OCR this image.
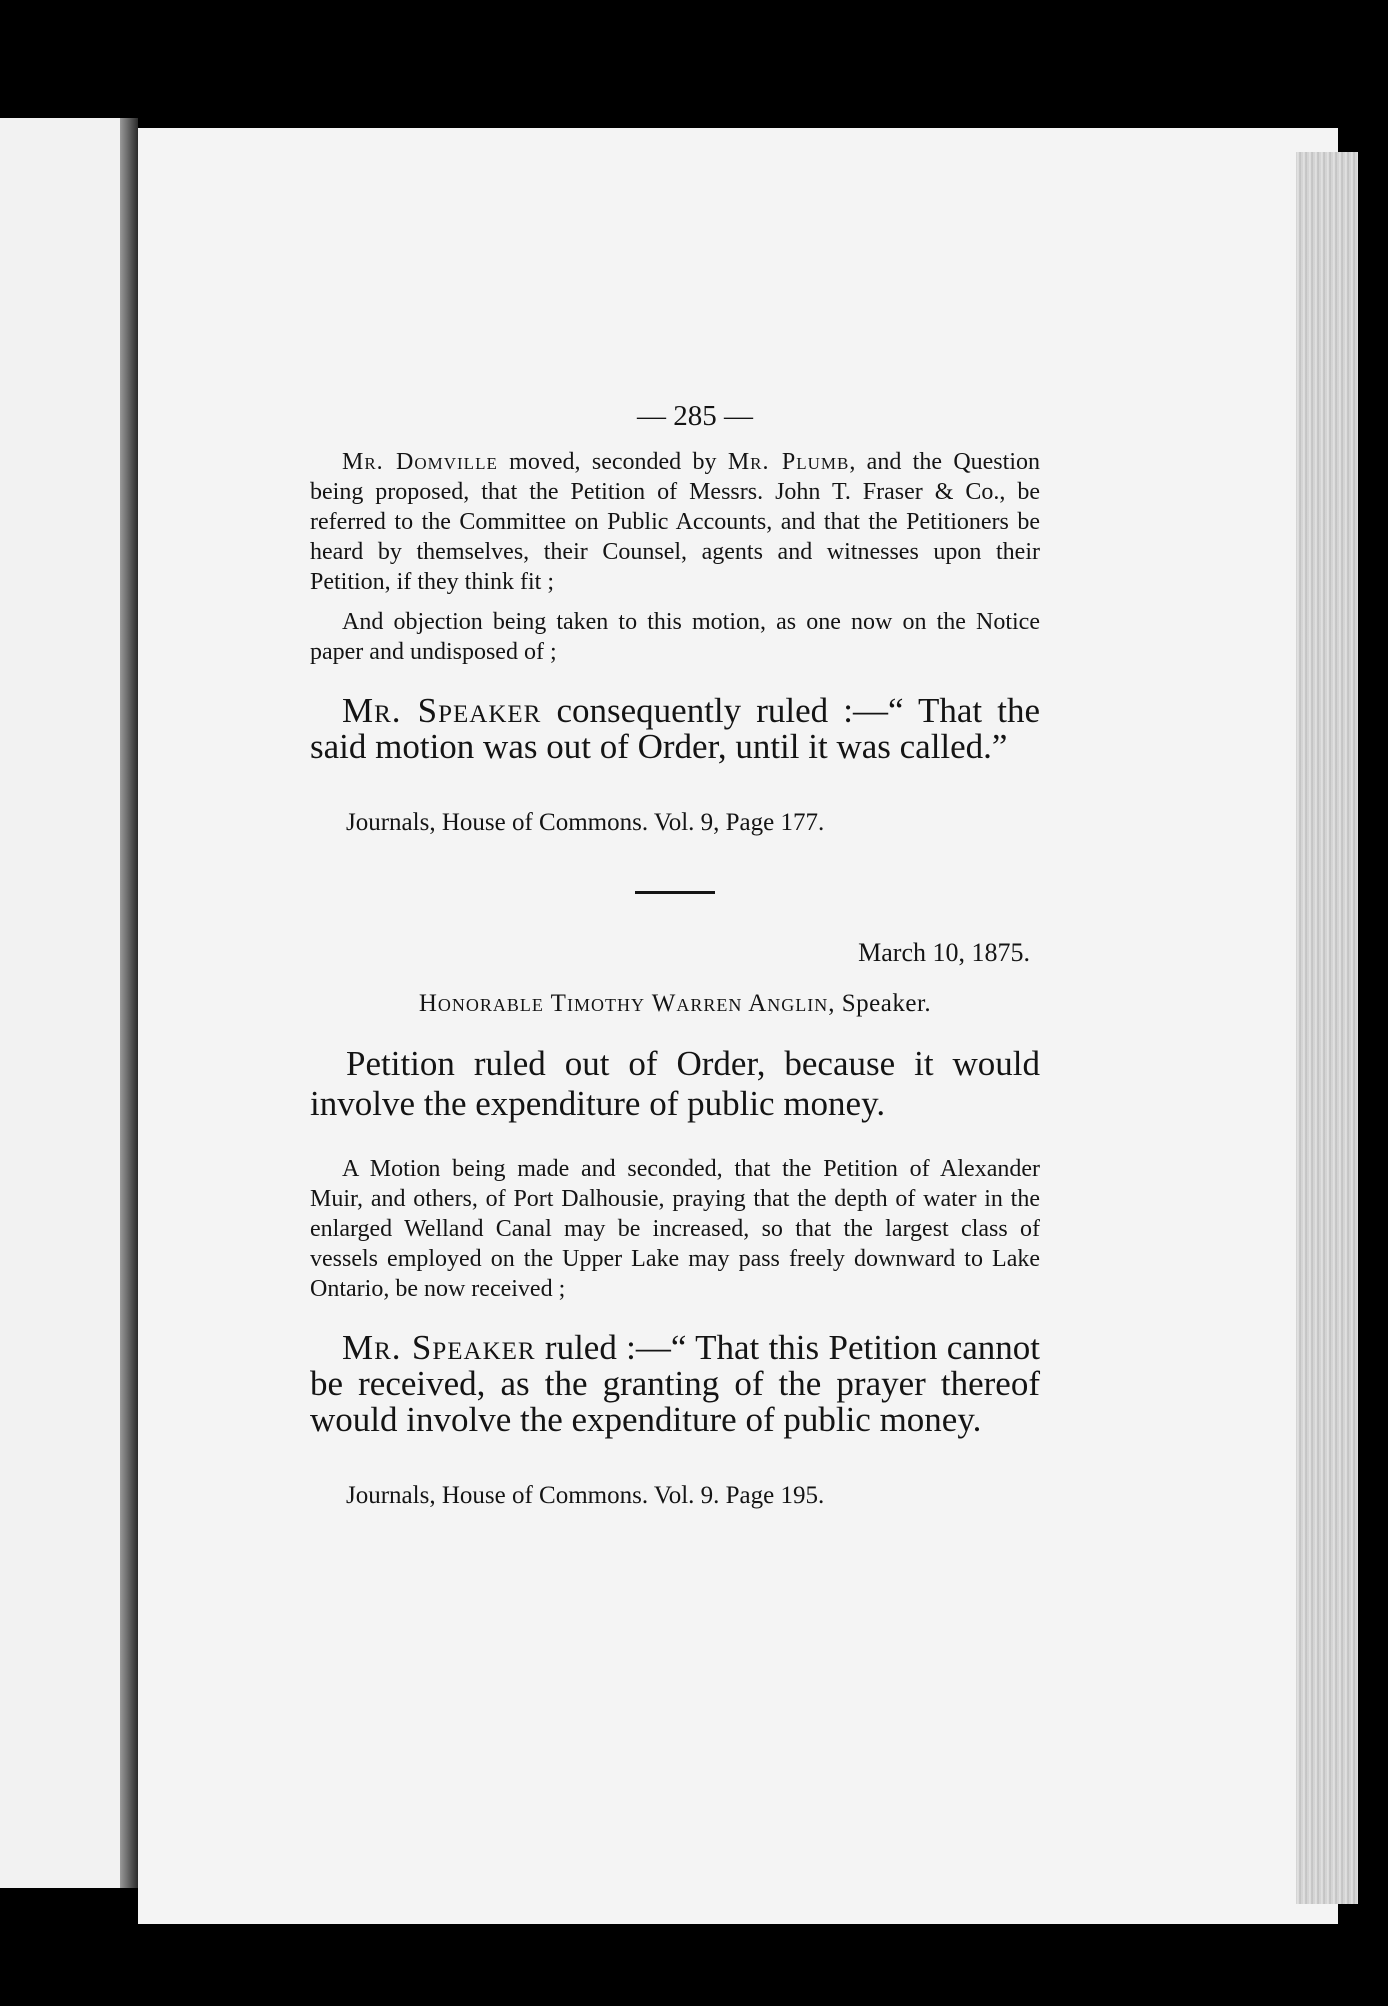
— 285 —

Mr. Domville moved, seconded by Mr. Plumb, and the Question being proposed, that the Petition of Messrs. John T. Fraser & Co., be referred to the Committee on Public Accounts, and that the Petitioners be heard by themselves, their Counsel, agents and witnesses upon their Petition, if they think fit ;

And objection being taken to this motion, as one now on the Notice paper and undisposed of ;

Mr. Speaker consequently ruled :—“ That the said motion was out of Order, until it was called.”

Journals, House of Commons. Vol. 9, Page 177.
March 10, 1875.
Honorable Timothy Warren Anglin, Speaker.

Petition ruled out of Order, because it would involve the expenditure of public money.

A Motion being made and seconded, that the Petition of Alexander Muir, and others, of Port Dalhousie, praying that the depth of water in the enlarged Welland Canal may be increased, so that the largest class of vessels employed on the Upper Lake may pass freely downward to Lake Ontario, be now received ;

Mr. Speaker ruled :—“ That this Petition cannot be received, as the granting of the prayer thereof would involve the expenditure of public money.

Journals, House of Commons. Vol. 9. Page 195.
